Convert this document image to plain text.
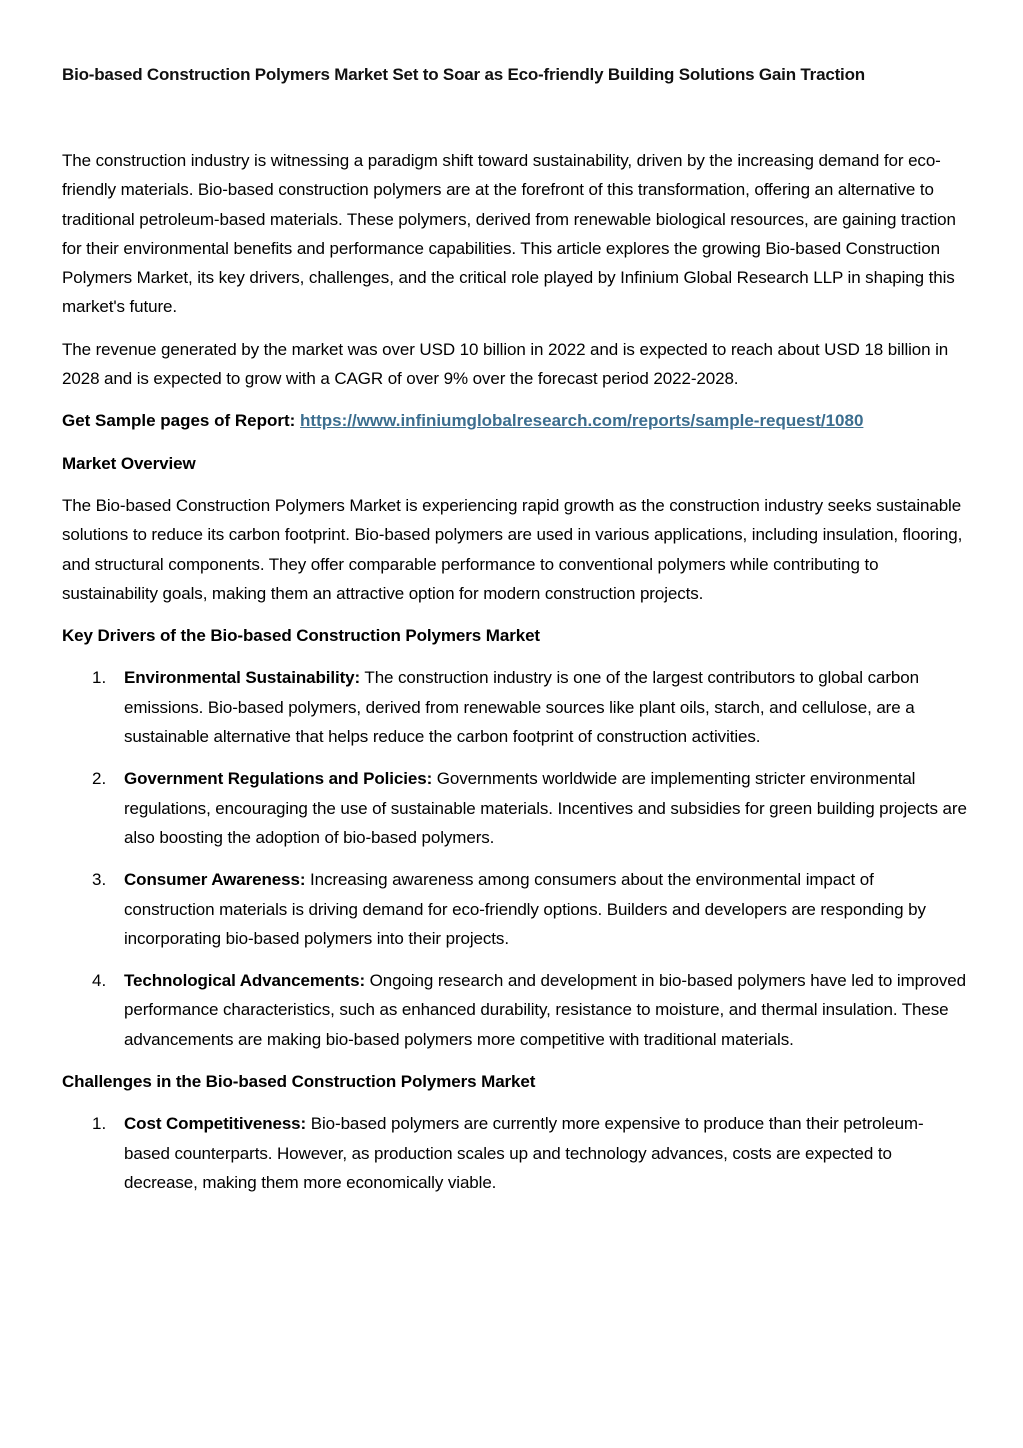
Bio-based Construction Polymers Market Set to Soar as Eco-friendly Building Solutions Gain Traction

The construction industry is witnessing a paradigm shift toward sustainability, driven by the increasing demand for eco-friendly materials. Bio-based construction polymers are at the forefront of this transformation, offering an alternative to traditional petroleum-based materials. These polymers, derived from renewable biological resources, are gaining traction for their environmental benefits and performance capabilities. This article explores the growing Bio-based Construction Polymers Market, its key drivers, challenges, and the critical role played by Infinium Global Research LLP in shaping this market's future.

The revenue generated by the market was over USD 10 billion in 2022 and is expected to reach about USD 18 billion in 2028 and is expected to grow with a CAGR of over 9% over the forecast period 2022-2028.

Get Sample pages of Report: https://www.infiniumglobalresearch.com/reports/sample-request/1080
Market Overview

The Bio-based Construction Polymers Market is experiencing rapid growth as the construction industry seeks sustainable solutions to reduce its carbon footprint. Bio-based polymers are used in various applications, including insulation, flooring, and structural components. They offer comparable performance to conventional polymers while contributing to sustainability goals, making them an attractive option for modern construction projects.

Key Drivers of the Bio-based Construction Polymers Market
1. Environmental Sustainability: The construction industry is one of the largest contributors to global carbon emissions. Bio-based polymers, derived from renewable sources like plant oils, starch, and cellulose, are a sustainable alternative that helps reduce the carbon footprint of construction activities.

2. Government Regulations and Policies: Governments worldwide are implementing stricter environmental regulations, encouraging the use of sustainable materials. Incentives and subsidies for green building projects are also boosting the adoption of bio-based polymers.

3. Consumer Awareness: Increasing awareness among consumers about the environmental impact of construction materials is driving demand for eco-friendly options. Builders and developers are responding by incorporating bio-based polymers into their projects.

4. Technological Advancements: Ongoing research and development in bio-based polymers have led to improved performance characteristics, such as enhanced durability, resistance to moisture, and thermal insulation. These advancements are making bio-based polymers more competitive with traditional materials.

Challenges in the Bio-based Construction Polymers Market
1. Cost Competitiveness: Bio-based polymers are currently more expensive to produce than their petroleum-based counterparts. However, as production scales up and technology advances, costs are expected to decrease, making them more economically viable.
